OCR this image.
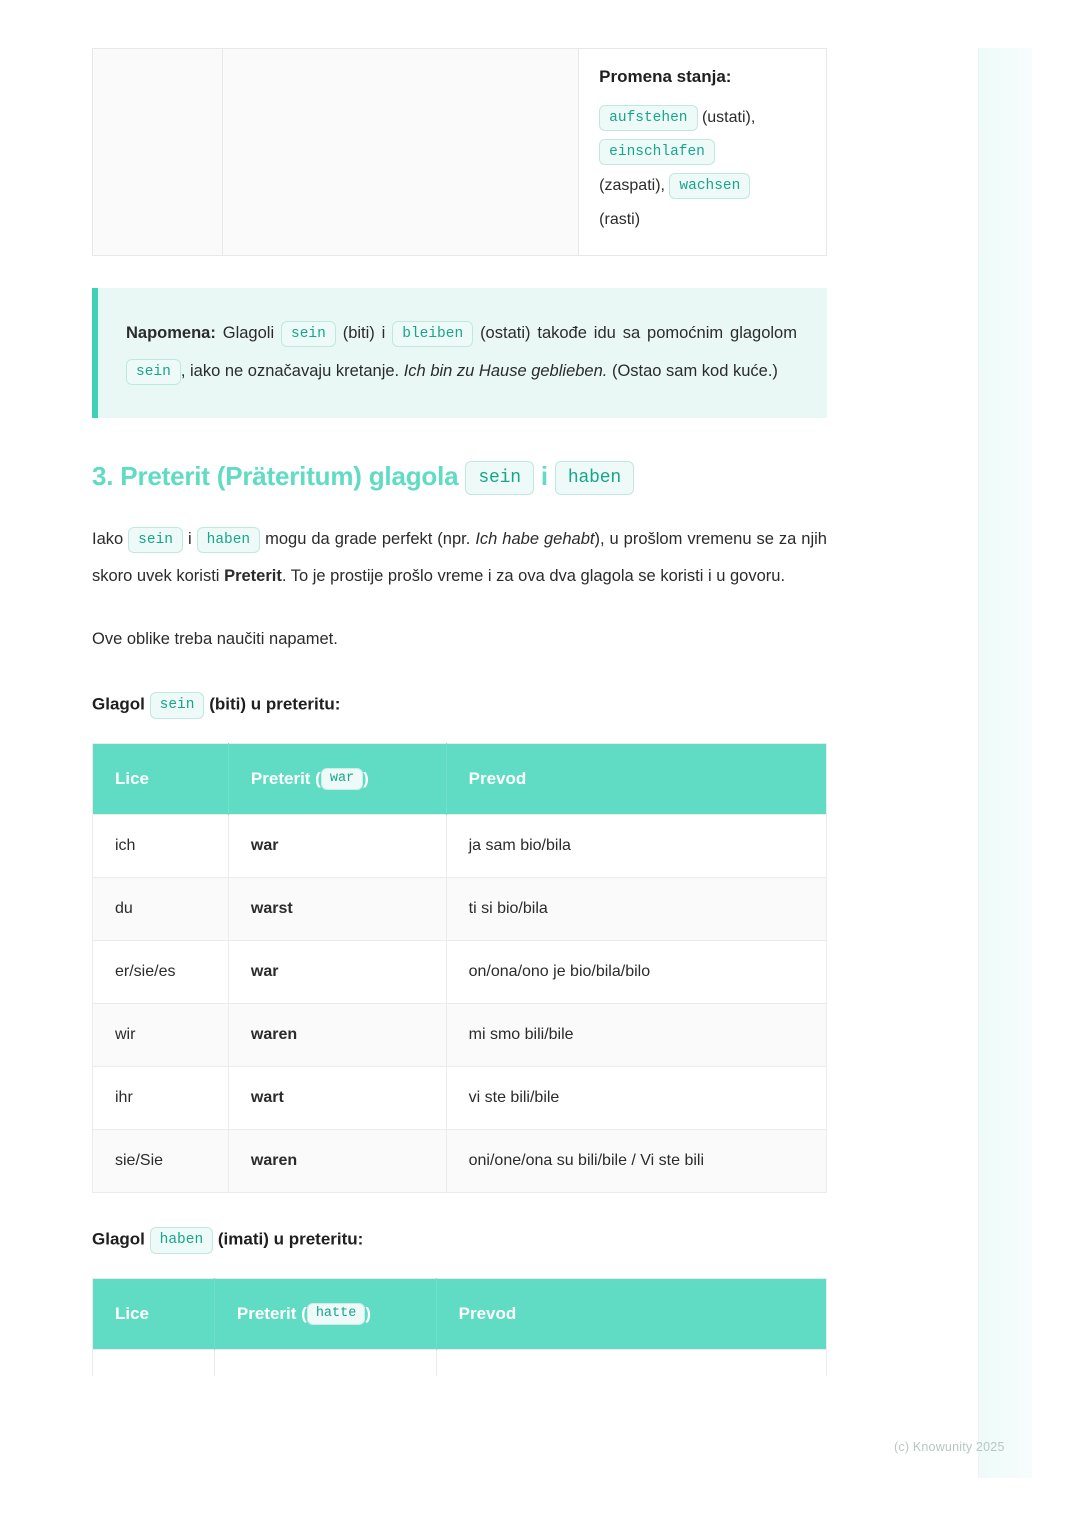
Promena stanja:
aufstehen (ustati),
einschlafen
(zaspati), wachsen
(rasti)

Napomena: Glagoli sein (biti) i bleiben (ostati) takođe idu sa pomoćnim glagolom sein , iako ne označavaju kretanje. Ich bin zu Hause geblieben. (Ostao sam kod kuće.)

3. Preterit (Präteritum) glagola sein i haben

Iako sein i haben mogu da grade perfekt (npr. Ich habe gehabt), u prošlom vremenu se za njih skoro uvek koristi Preterit. To je prostije prošlo vreme i za ova dva glagola se koristi i u govoru.

Ove oblike treba naučiti napamet.

Glagol sein (biti) u preteritu:

Lice	Preterit ( war )	Prevod
ich	war	ja sam bio/bila
du	warst	ti si bio/bila
er/sie/es	war	on/ona/ono je bio/bila/bilo
wir	waren	mi smo bili/bile
ihr	wart	vi ste bili/bile
sie/Sie	waren	oni/one/ona su bili/bile / Vi ste bili

Glagol haben (imati) u preteritu:

Lice	Preterit ( hatte )	Prevod

(c) Knowunity 2025
